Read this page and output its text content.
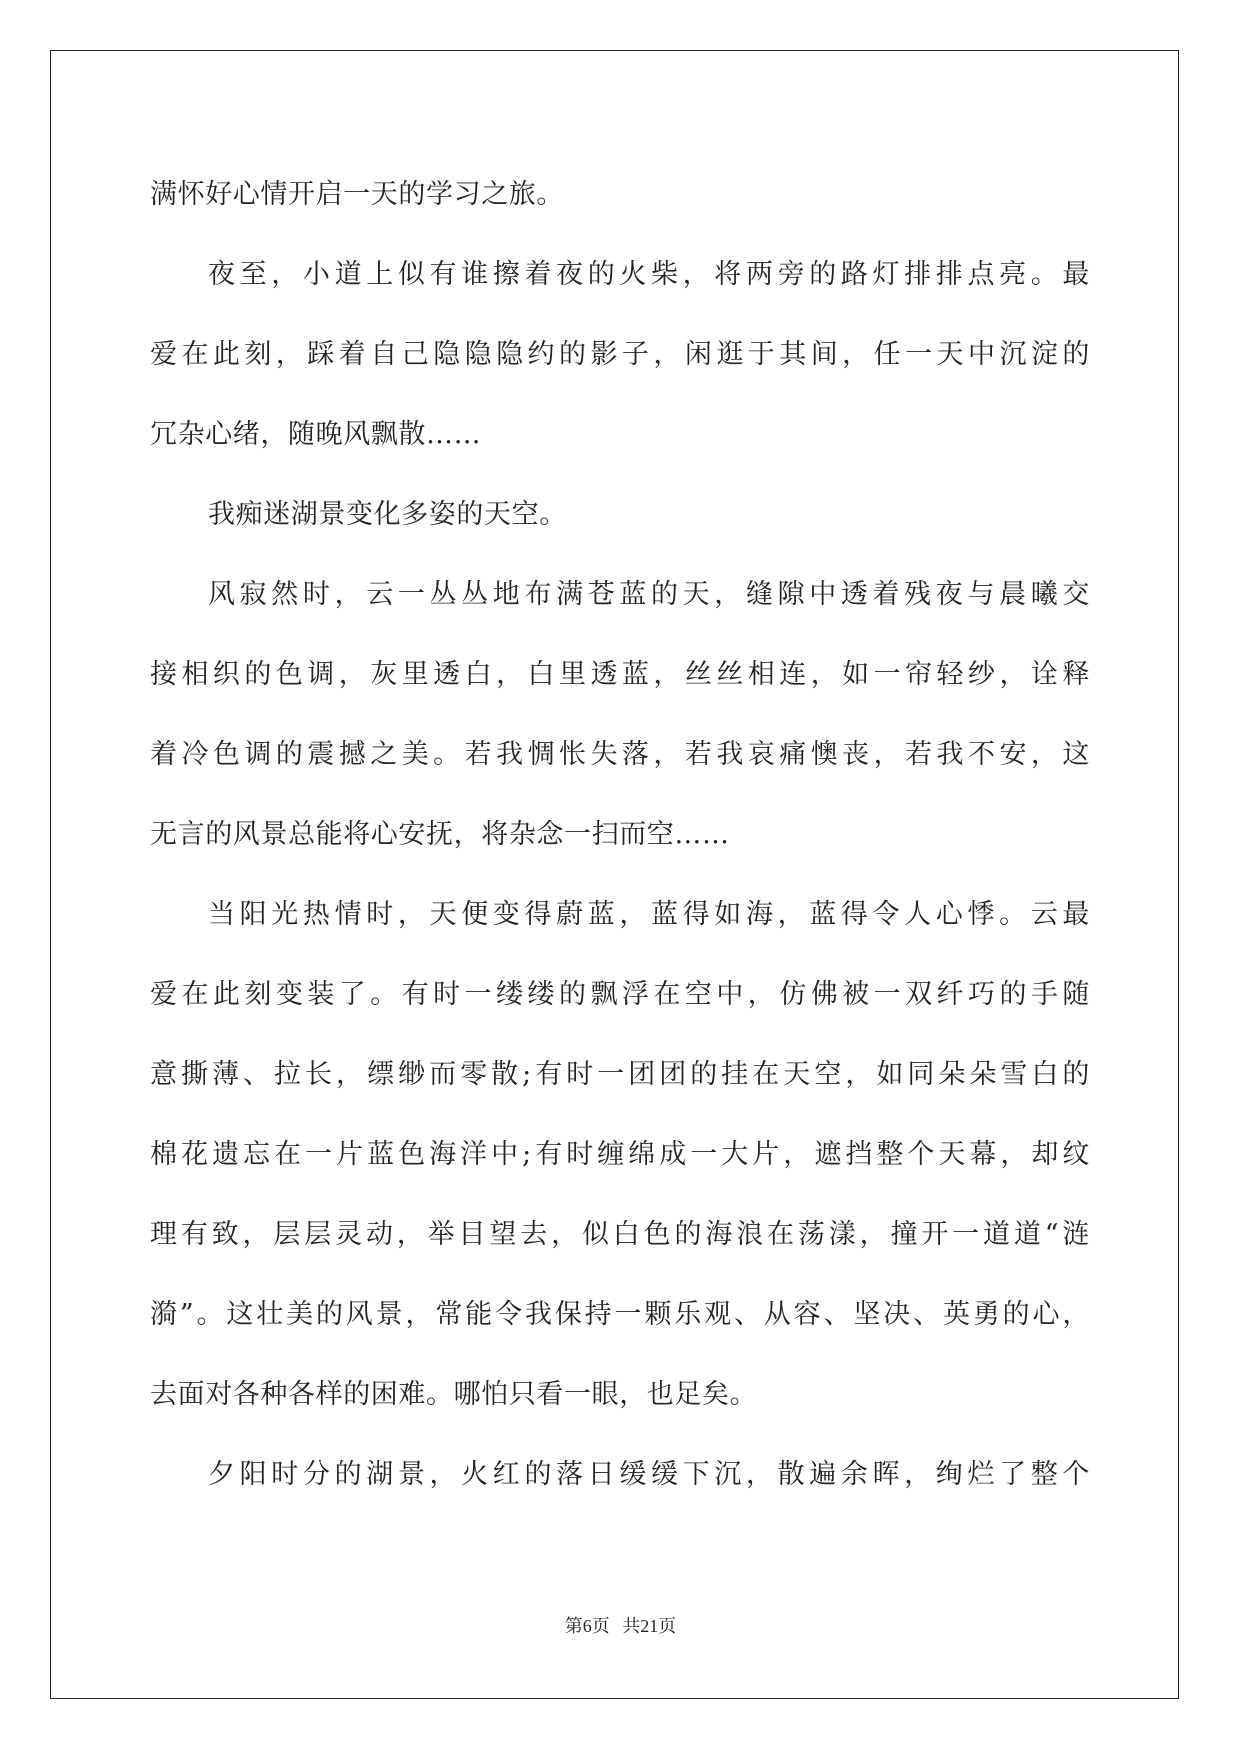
满怀好心情开启一天的学习之旅。
夜至，小道上似有谁擦着夜的火柴，将两旁的路灯排排点亮。最
爱在此刻，踩着自己隐隐隐约的影子，闲逛于其间，任一天中沉淀的
冗杂心绪，随晚风飘散……
我痴迷湖景变化多姿的天空。
风寂然时，云一丛丛地布满苍蓝的天，缝隙中透着残夜与晨曦交
接相织的色调，灰里透白，白里透蓝，丝丝相连，如一帘轻纱，诠释
着冷色调的震撼之美。若我惆怅失落，若我哀痛懊丧，若我不安，这
无言的风景总能将心安抚，将杂念一扫而空……
当阳光热情时，天便变得蔚蓝，蓝得如海，蓝得令人心悸。云最
爱在此刻变装了。有时一缕缕的飘浮在空中，仿佛被一双纤巧的手随
意撕薄、拉长，缥缈而零散;有时一团团的挂在天空，如同朵朵雪白的
棉花遗忘在一片蓝色海洋中;有时缠绵成一大片，遮挡整个天幕，却纹
理有致，层层灵动，举目望去，似白色的海浪在荡漾，撞开一道道“涟
漪”。这壮美的风景，常能令我保持一颗乐观、从容、坚决、英勇的心，
去面对各种各样的困难。哪怕只看一眼，也足矣。
夕阳时分的湖景，火红的落日缓缓下沉，散遍余晖，绚烂了整个
第6页 共21页
